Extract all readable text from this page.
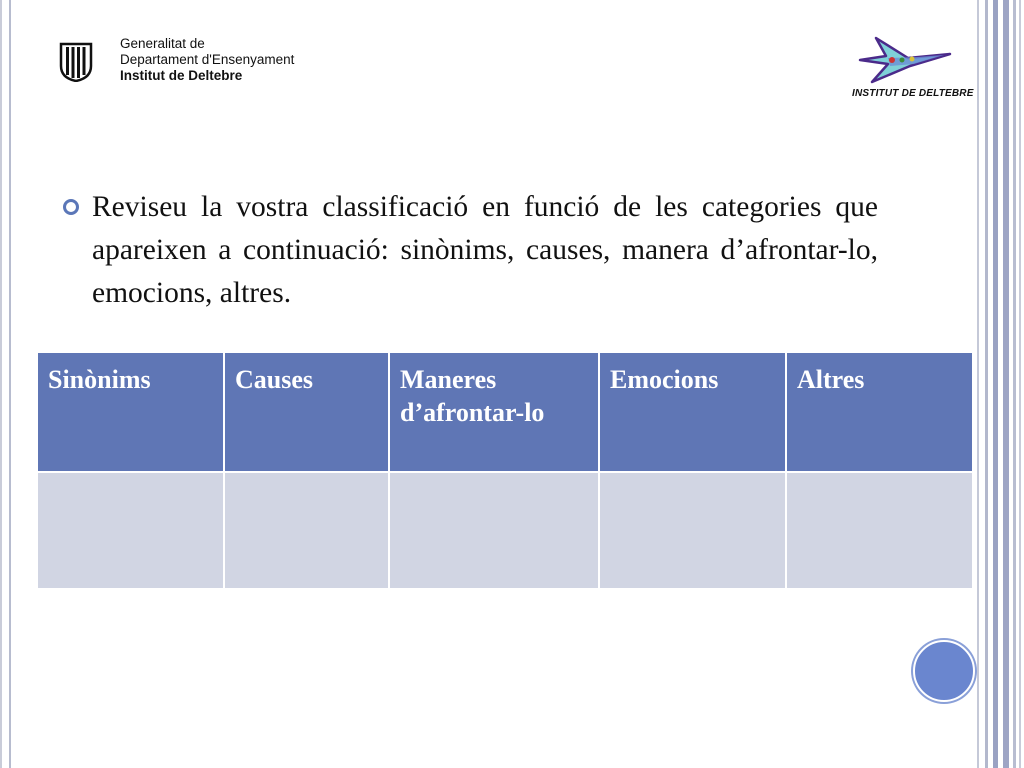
Generalitat de
Departament d'Ensenyament
Institut de Deltebre
INSTITUT DE DELTEBRE
Reviseu la vostra classificació en funció de les categories que apareixen a continuació: sinònims, causes, manera d’afrontar-lo, emocions, altres.
Sinònims	Causes	Maneres d’afrontar-lo	Emocions	Altres
